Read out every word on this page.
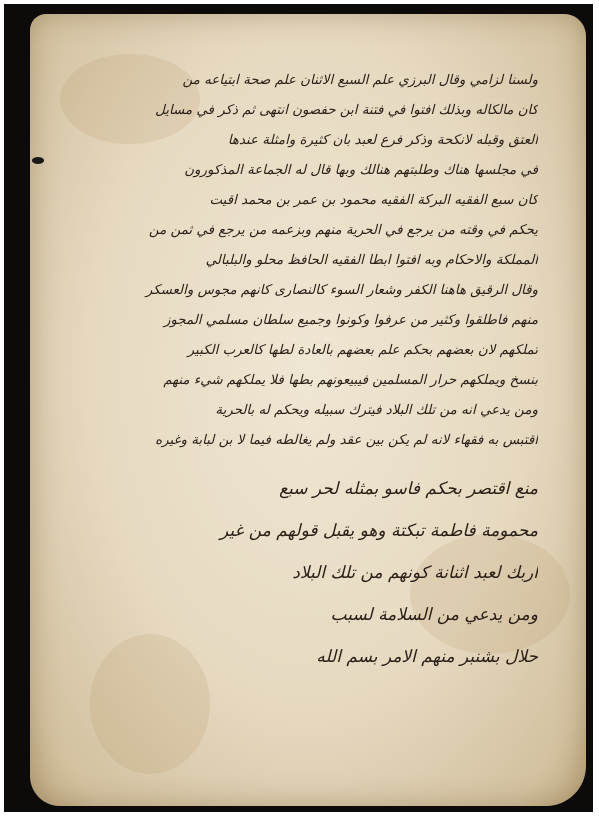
ولسنا لزامي وقال البرزي علم السبع الاثنان علم صحة ابتياعه من
كان مالكاله وبذلك افتوا في فتنة ابن حفصون انتهى ثم ذكر في مسايل
العتق وقبله لانكحة وذكر فرع لعبد بان كثيرة وامثلة عندها
في مجلسها هناك وطلبتهم هنالك وبها قال له الجماعة المذكورون
كان سبع الفقيه البركة الفقيه محمود بن عمر بن محمد اقيت
يحكم في وقته من يرجع في الحرية منهم وبزعمه من يرجع في ثمن من
المملكة والاحكام وبه افتوا ابطا الفقيه الحافظ محلو والبلبالي
وقال الرقيق هاهنا الكفر وشعار السوء كالنصارى كانهم مجوس والعسكر
منهم فاطلقوا وكثير من عرفوا وكونوا وجميع سلطان مسلمي المجوز
تملكهم لان بعضهم بحكم علم بعضهم بالعادة لطها كالعرب الكبير
بنسخ ويملكهم حرار المسلمين فيبيعونهم بطها فلا يملكهم شيء منهم
ومن يدعي انه من تلك البلاد فيترك سبيله ويحكم له بالحرية
اقتبس به فقهاء لانه لم يكن بين عقد ولم يغالطه فيما لا بن لبابة وغيره
منع اقتصر بحكم فاسو بمثله لحر سبع
محمومة فاطمة تبكتة وهو يقبل قولهم من غير
اربك لعبد اثنانة كونهم من تلك البلاد
ومن يدعي من السلامة لسبب
حلال بشنبر منهم الامر بسم الله
